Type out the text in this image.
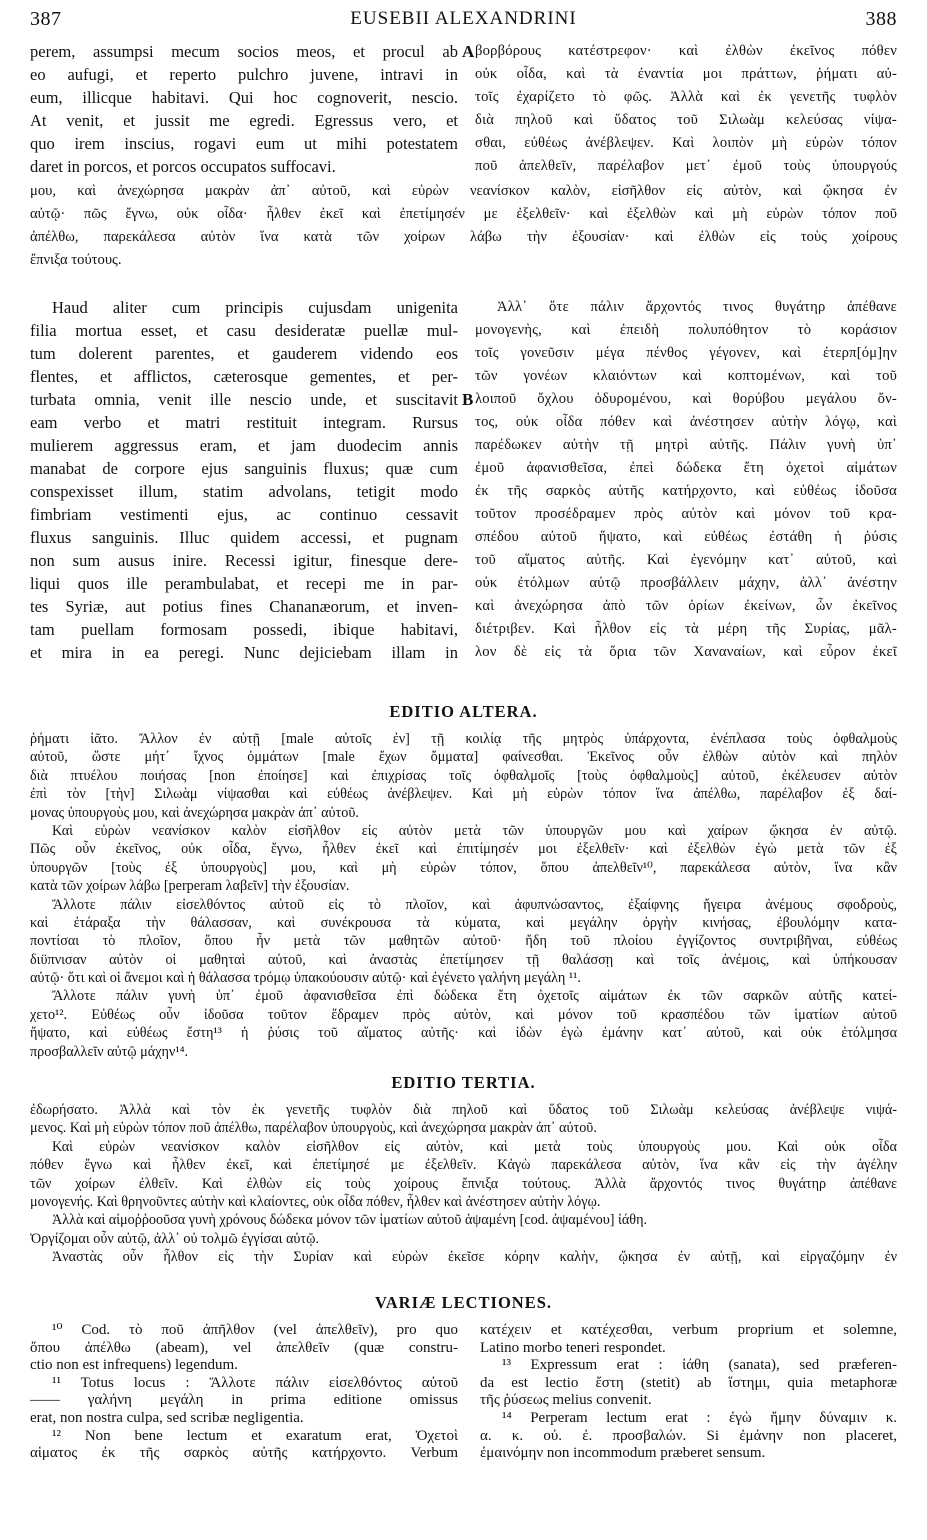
387	EUSEBII ALEXANDRINI	388
perem, assumpsi mecum socios meos, et procul ab
eo aufugi, et reperto pulchro juvene, intravi in
eum, illicque habitavi. Qui hoc cognoverit, nescio.
At venit, et jussit me egredi. Egressus vero, et
quo irem inscius, rogavi eum ut mihi potestatem
daret in porcos, et porcos occupatos suffocavi.
A βορβόρους κατέστρεφον· καὶ ἐλθὼν ἐκεῖνος πόθεν
οὐκ οἶδα, καὶ τὰ ἐναντία μοι πράττων, ῥήματι αὐ-
τοῖς ἐχαρίζετο τὸ φῶς. Ἀλλὰ καὶ ἐκ γενετῆς τυφλὸν
διὰ πηλοῦ καὶ ὕδατος τοῦ Σιλωὰμ κελεύσας νίψα-
σθαι, εὐθέως ἀνέβλεψεν. Καὶ λοιπὸν μὴ εὑρὼν τόπον
ποῦ ἀπελθεῖν, παρέλαβον μετ᾽ ἐμοῦ τοὺς ὑπουργούς
μου, καὶ ἀνεχώρησα μακρὰν ἀπ᾽ αὐτοῦ, καὶ εὑρὼν νεανίσκον καλὸν, εἰσῆλθον εἰς αὐτὸν, καὶ ᾤκησα ἐν
αὐτῷ· πῶς ἔγνω, οὐκ οἶδα· ἦλθεν ἐκεῖ καὶ ἐπετίμησέν με ἐξελθεῖν· καὶ ἐξελθὼν καὶ μὴ εὑρὼν τόπον ποῦ
ἀπέλθω, παρεκάλεσα αὐτὸν ἵνα κατὰ τῶν χοίρων λάβω τὴν ἐξουσίαν· καὶ ἐλθὼν εἰς τοὺς χοίρους
ἔπνιξα τούτους.
Haud aliter cum principis cujusdam unigenita
filia mortua esset, et casu desideratæ puellæ mul-
tum dolerent parentes, et gauderem videndo eos
flentes, et afflictos, cæterosque gementes, et per-
turbata omnia, venit ille nescio unde, et suscitavit
eam verbo et matri restituit integram. Rursus
mulierem aggressus eram, et jam duodecim annis
manabat de corpore ejus sanguinis fluxus; quæ cum
conspexisset illum, statim advolans, tetigit modo
fimbriam vestimenti ejus, ac continuo cessavit
fluxus sanguinis. Illuc quidem accessi, et pugnam
non sum ausus inire. Recessi igitur, finesque dere-
liqui quos ille perambulabat, et recepi me in par-
tes Syriæ, aut potius fines Chananæorum, et inven-
tam puellam formosam possedi, ibique habitavi,
et mira in ea peregi. Nunc dejiciebam illam in
B
Ἀλλ᾽ ὅτε πάλιν ἄρχοντός τινος θυγάτηρ ἀπέθανε
μονογενὴς, καὶ ἐπειδὴ πολυπόθητον τὸ κοράσιον
τοῖς γονεῦσιν μέγα πένθος γέγονεν, καὶ ἐτερπ[όμ]ην
τῶν γονέων κλαιόντων καὶ κοπτομένων, καὶ τοῦ
λοιποῦ ὄχλου ὀδυρομένου, καὶ θορύβου μεγάλου ὄν-
τος, οὐκ οἶδα πόθεν καὶ ἀνέστησεν αὐτὴν λόγῳ, καὶ
παρέδωκεν αὐτὴν τῇ μητρὶ αὐτῆς. Πάλιν γυνὴ ὑπ᾽
ἐμοῦ ἀφανισθεῖσα, ἐπεὶ δώδεκα ἔτη ὀχετοὶ αἱμάτων
ἐκ τῆς σαρκὸς αὐτῆς κατήρχοντο, καὶ εὐθέως ἰδοῦσα
τοῦτον προσέδραμεν πρὸς αὐτὸν καὶ μόνον τοῦ κρα-
σπέδου αὐτοῦ ἥψατο, καὶ εὐθέως ἐστάθη ἡ ῥύσις
τοῦ αἵματος αὐτῆς. Καὶ ἐγενόμην κατ᾽ αὐτοῦ, καὶ
οὐκ ἐτόλμων αὐτῷ προσβάλλειν μάχην, ἀλλ᾽ ἀνέστην
καὶ ἀνεχώρησα ἀπὸ τῶν ὁρίων ἐκείνων, ὧν ἐκεῖνος
διέτριβεν. Καὶ ἦλθον εἰς τὰ μέρη τῆς Συρίας, μᾶλ-
λον δὲ εἰς τὰ ὅρια τῶν Χαναναίων, καὶ εὗρον ἐκεῖ
EDITIO ALTERA.
ῥήματι ἰᾶτο. Ἄλλον ἐν αὐτῇ [male αὐτοῖς ἐν] τῇ κοιλίᾳ τῆς μητρὸς ὑπάρχοντα, ἐνέπλασα τοὺς ὀφθαλμοὺς
αὐτοῦ, ὥστε μήτ᾽ ἴχνος ὀμμάτων [male ἔχων ὄμματα] φαίνεσθαι. Ἐκεῖνος οὖν ἐλθὼν αὐτὸν καὶ πηλὸν
διὰ πτυέλου ποιήσας [non ἐποίησε] καὶ ἐπιχρίσας τοῖς ὀφθαλμοῖς [τοὺς ὀφθαλμοὺς] αὐτοῦ, ἐκέλευσεν αὐτὸν
ἐπὶ τὸν [τὴν] Σιλωὰμ νίψασθαι καὶ εὐθέως ἀνέβλεψεν. Καὶ μὴ εὑρὼν τόπον ἵνα ἀπέλθω, παρέλαβον ἐξ δαί-
μονας ὑπουργοὺς μου, καὶ ἀνεχώρησα μακρὰν ἀπ᾽ αὐτοῦ.
Καὶ εὑρὼν νεανίσκον καλὸν εἰσῆλθον εἰς αὐτὸν μετὰ τῶν ὑπουργῶν μου καὶ χαίρων ᾤκησα ἐν αὐτῷ.
Πῶς οὖν ἐκεῖνος, οὐκ οἶδα, ἔγνω, ἦλθεν ἐκεῖ καὶ ἐπιτίμησέν μοι ἐξελθεῖν· καὶ ἐξελθὼν ἐγὼ μετὰ τῶν ἐξ
ὑπουργῶν [τοὺς ἐξ ὑπουργοὺς] μου, καὶ μὴ εὑρὼν τόπον, ὅπου ἀπελθεῖν¹⁰, παρεκάλεσα αὐτὸν, ἵνα κἂν
κατὰ τῶν χοίρων λάβω [perperam λαβεῖν] τὴν ἐξουσίαν.
Ἄλλοτε πάλιν εἰσελθόντος αὐτοῦ εἰς τὸ πλοῖον, καὶ ἀφυπνώσαντος, ἐξαίφνης ἤγειρα ἀνέμους σφοδροὺς,
καὶ ἐτάραξα τὴν θάλασσαν, καὶ συνέκρουσα τὰ κύματα, καὶ μεγάλην ὀργὴν κινήσας, ἐβουλόμην κατα-
ποντίσαι τὸ πλοῖον, ὅπου ἦν μετὰ τῶν μαθητῶν αὐτοῦ· ἤδη τοῦ πλοίου ἐγγίζοντος συντριβῆναι, εὐθέως
διϋπνισαν αὐτὸν οἱ μαθηταὶ αὐτοῦ, καὶ ἀναστὰς ἐπετίμησεν τῇ θαλάσσῃ καὶ τοῖς ἀνέμοις, καὶ ὑπήκουσαν
αὐτῷ· ὅτι καὶ οἱ ἄνεμοι καὶ ἡ θάλασσα τρόμῳ ὑπακούουσιν αὐτῷ· καὶ ἐγένετο γαλήνη μεγάλη ¹¹.
Ἄλλοτε πάλιν γυνὴ ὑπ᾽ ἐμοῦ ἀφανισθεῖσα ἐπὶ δώδεκα ἔτη ὀχετοῖς αἱμάτων ἐκ τῶν σαρκῶν αὐτῆς κατεί-
χετο¹². Εὐθέως οὖν ἰδοῦσα τοῦτον ἔδραμεν πρὸς αὐτὸν, καὶ μόνον τοῦ κρασπέδου τῶν ἱματίων αὐτοῦ
ἥψατο, καὶ εὐθέως ἔστη¹³ ἡ ῥύσις τοῦ αἵματος αὐτῆς· καὶ ἰδὼν ἐγὼ ἐμάνην κατ᾽ αὐτοῦ, καὶ οὐκ ἐτόλμησα
προσβαλλεῖν αὐτῷ μάχην¹⁴.
EDITIO TERTIA.
ἐδωρήσατο. Ἀλλὰ καὶ τὸν ἐκ γενετῆς τυφλὸν διὰ πηλοῦ καὶ ὕδατος τοῦ Σιλωὰμ κελεύσας ἀνέβλεψε νιψά-
μενος. Καὶ μὴ εὑρὼν τόπον ποῦ ἀπέλθω, παρέλαβον ὑπουργοὺς, καὶ ἀνεχώρησα μακρὰν ἀπ᾽ αὐτοῦ.
Καὶ εὑρὼν νεανίσκον καλὸν εἰσῆλθον εἰς αὐτὸν, καὶ μετὰ τοὺς ὑπουργοὺς μου. Καὶ οὐκ οἶδα
πόθεν ἔγνω καὶ ἦλθεν ἐκεῖ, καὶ ἐπετίμησέ με ἐξελθεῖν. Κἀγὼ παρεκάλεσα αὐτὸν, ἵνα κἂν εἰς τὴν ἀγέλην
τῶν χοίρων ἐλθεῖν. Καὶ ἐλθὼν εἰς τοὺς χοίρους ἔπνιξα τούτους. Ἀλλὰ ἄρχοντός τινος θυγάτηρ ἀπέθανε
μονογενής. Καὶ θρηνοῦντες αὐτὴν καὶ κλαίοντες, οὐκ οἶδα πόθεν, ἦλθεν καὶ ἀνέστησεν αὐτὴν λόγῳ.
Ἀλλὰ καὶ αἱμοῤῥοοῦσα γυνὴ χρόνους δώδεκα μόνον τῶν ἱματίων αὐτοῦ ἁψαμένη [cod. ἁψαμένου] ἰάθη.
Ὀργίζομαι οὖν αὐτῷ, ἀλλ᾽ οὐ τολμῶ ἐγγίσαι αὐτῷ.
Ἀναστὰς οὖν ἦλθον εἰς τὴν Συρίαν καὶ εὑρὼν ἐκεῖσε κόρην καλὴν, ᾤκησα ἐν αὐτῇ, καὶ εἰργαζόμην ἐν
VARIÆ LECTIONES.
¹⁰ Cod. τὸ ποῦ ἀπῆλθον (vel ἀπελθεῖν), pro quo
ὅπου ἀπέλθω (abeam), vel ἀπελθεῖν (quæ constru-
ctio non est infrequens) legendum.
¹¹ Totus locus : Ἄλλοτε πάλιν εἰσελθόντος αὐτοῦ
—— γαλήνη μεγάλη in prima editione omissus
erat, non nostra culpa, sed scribæ negligentia.
¹² Non bene lectum et exaratum erat, Ὀχετοὶ
αἱματος ἐκ τῆς σαρκὸς αὐτῆς κατήρχοντο. Verbum
κατέχειν et κατέχεσθαι, verbum proprium et solemne,
Latino morbo teneri respondet.
¹³ Expressum erat : ἰάθη (sanata), sed præferen-
da est lectio ἔστη (stetit) ab ἵστημι, quia metaphoræ
τῆς ῥύσεως melius convenit.
¹⁴ Perperam lectum erat : ἐγὼ ἤμην δύναμιν κ.
α. κ. οὐ. ἐ. προσβαλών. Si ἐμάνην non placeret,
ἐμαινόμην non incommodum præberet sensum.
